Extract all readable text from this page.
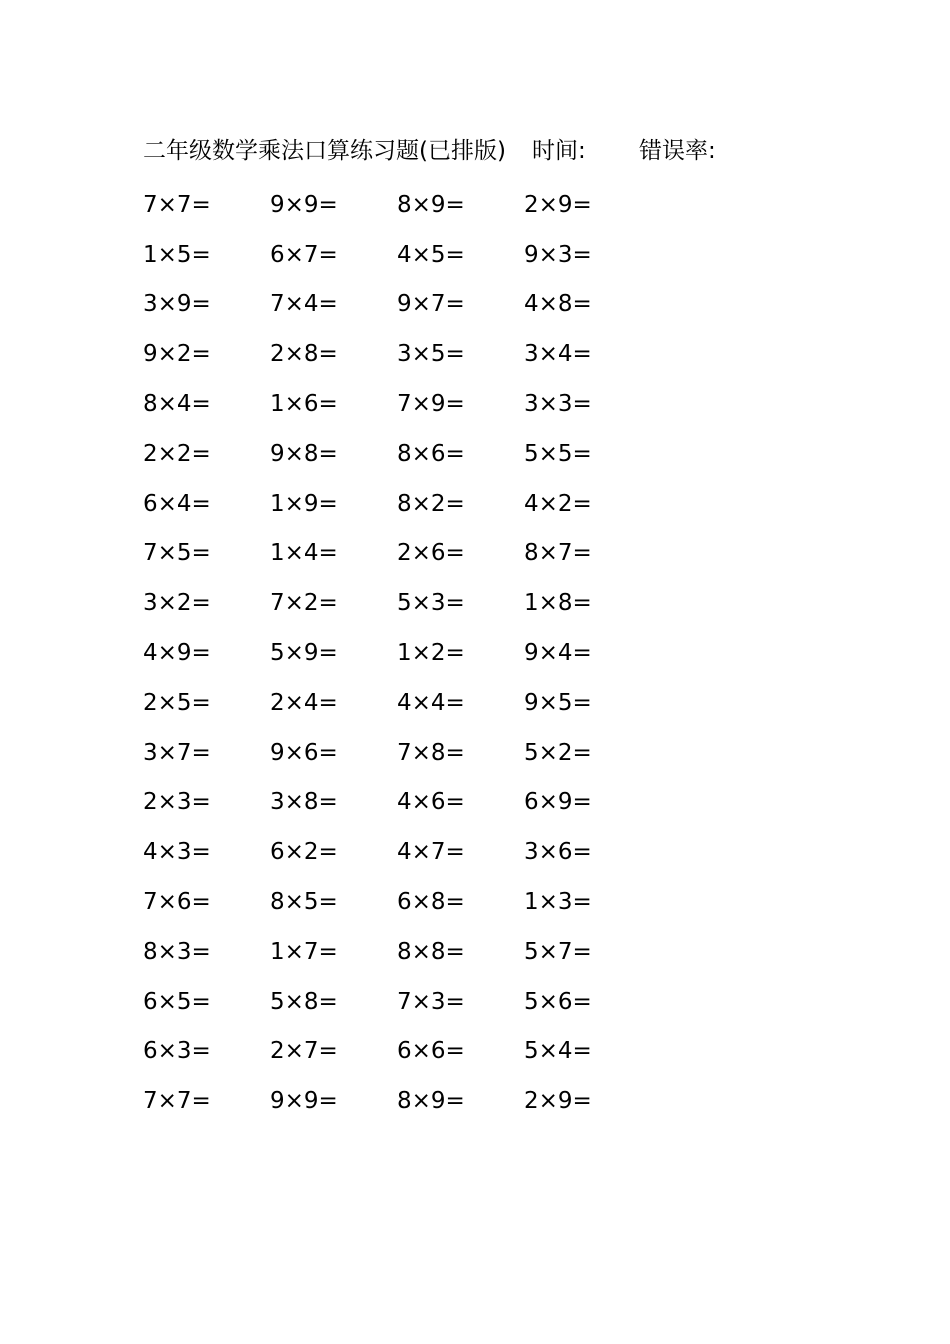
二年级数学乘法口算练习题(已排版) 时间: 错误率:
7×7=	9×9=	8×9=	2×9=
1×5=	6×7=	4×5=	9×3=
3×9=	7×4=	9×7=	4×8=
9×2=	2×8=	3×5=	3×4=
8×4=	1×6=	7×9=	3×3=
2×2=	9×8=	8×6=	5×5=
6×4=	1×9=	8×2=	4×2=
7×5=	1×4=	2×6=	8×7=
3×2=	7×2=	5×3=	1×8=
4×9=	5×9=	1×2=	9×4=
2×5=	2×4=	4×4=	9×5=
3×7=	9×6=	7×8=	5×2=
2×3=	3×8=	4×6=	6×9=
4×3=	6×2=	4×7=	3×6=
7×6=	8×5=	6×8=	1×3=
8×3=	1×7=	8×8=	5×7=
6×5=	5×8=	7×3=	5×6=
6×3=	2×7=	6×6=	5×4=
7×7=	9×9=	8×9=	2×9=
